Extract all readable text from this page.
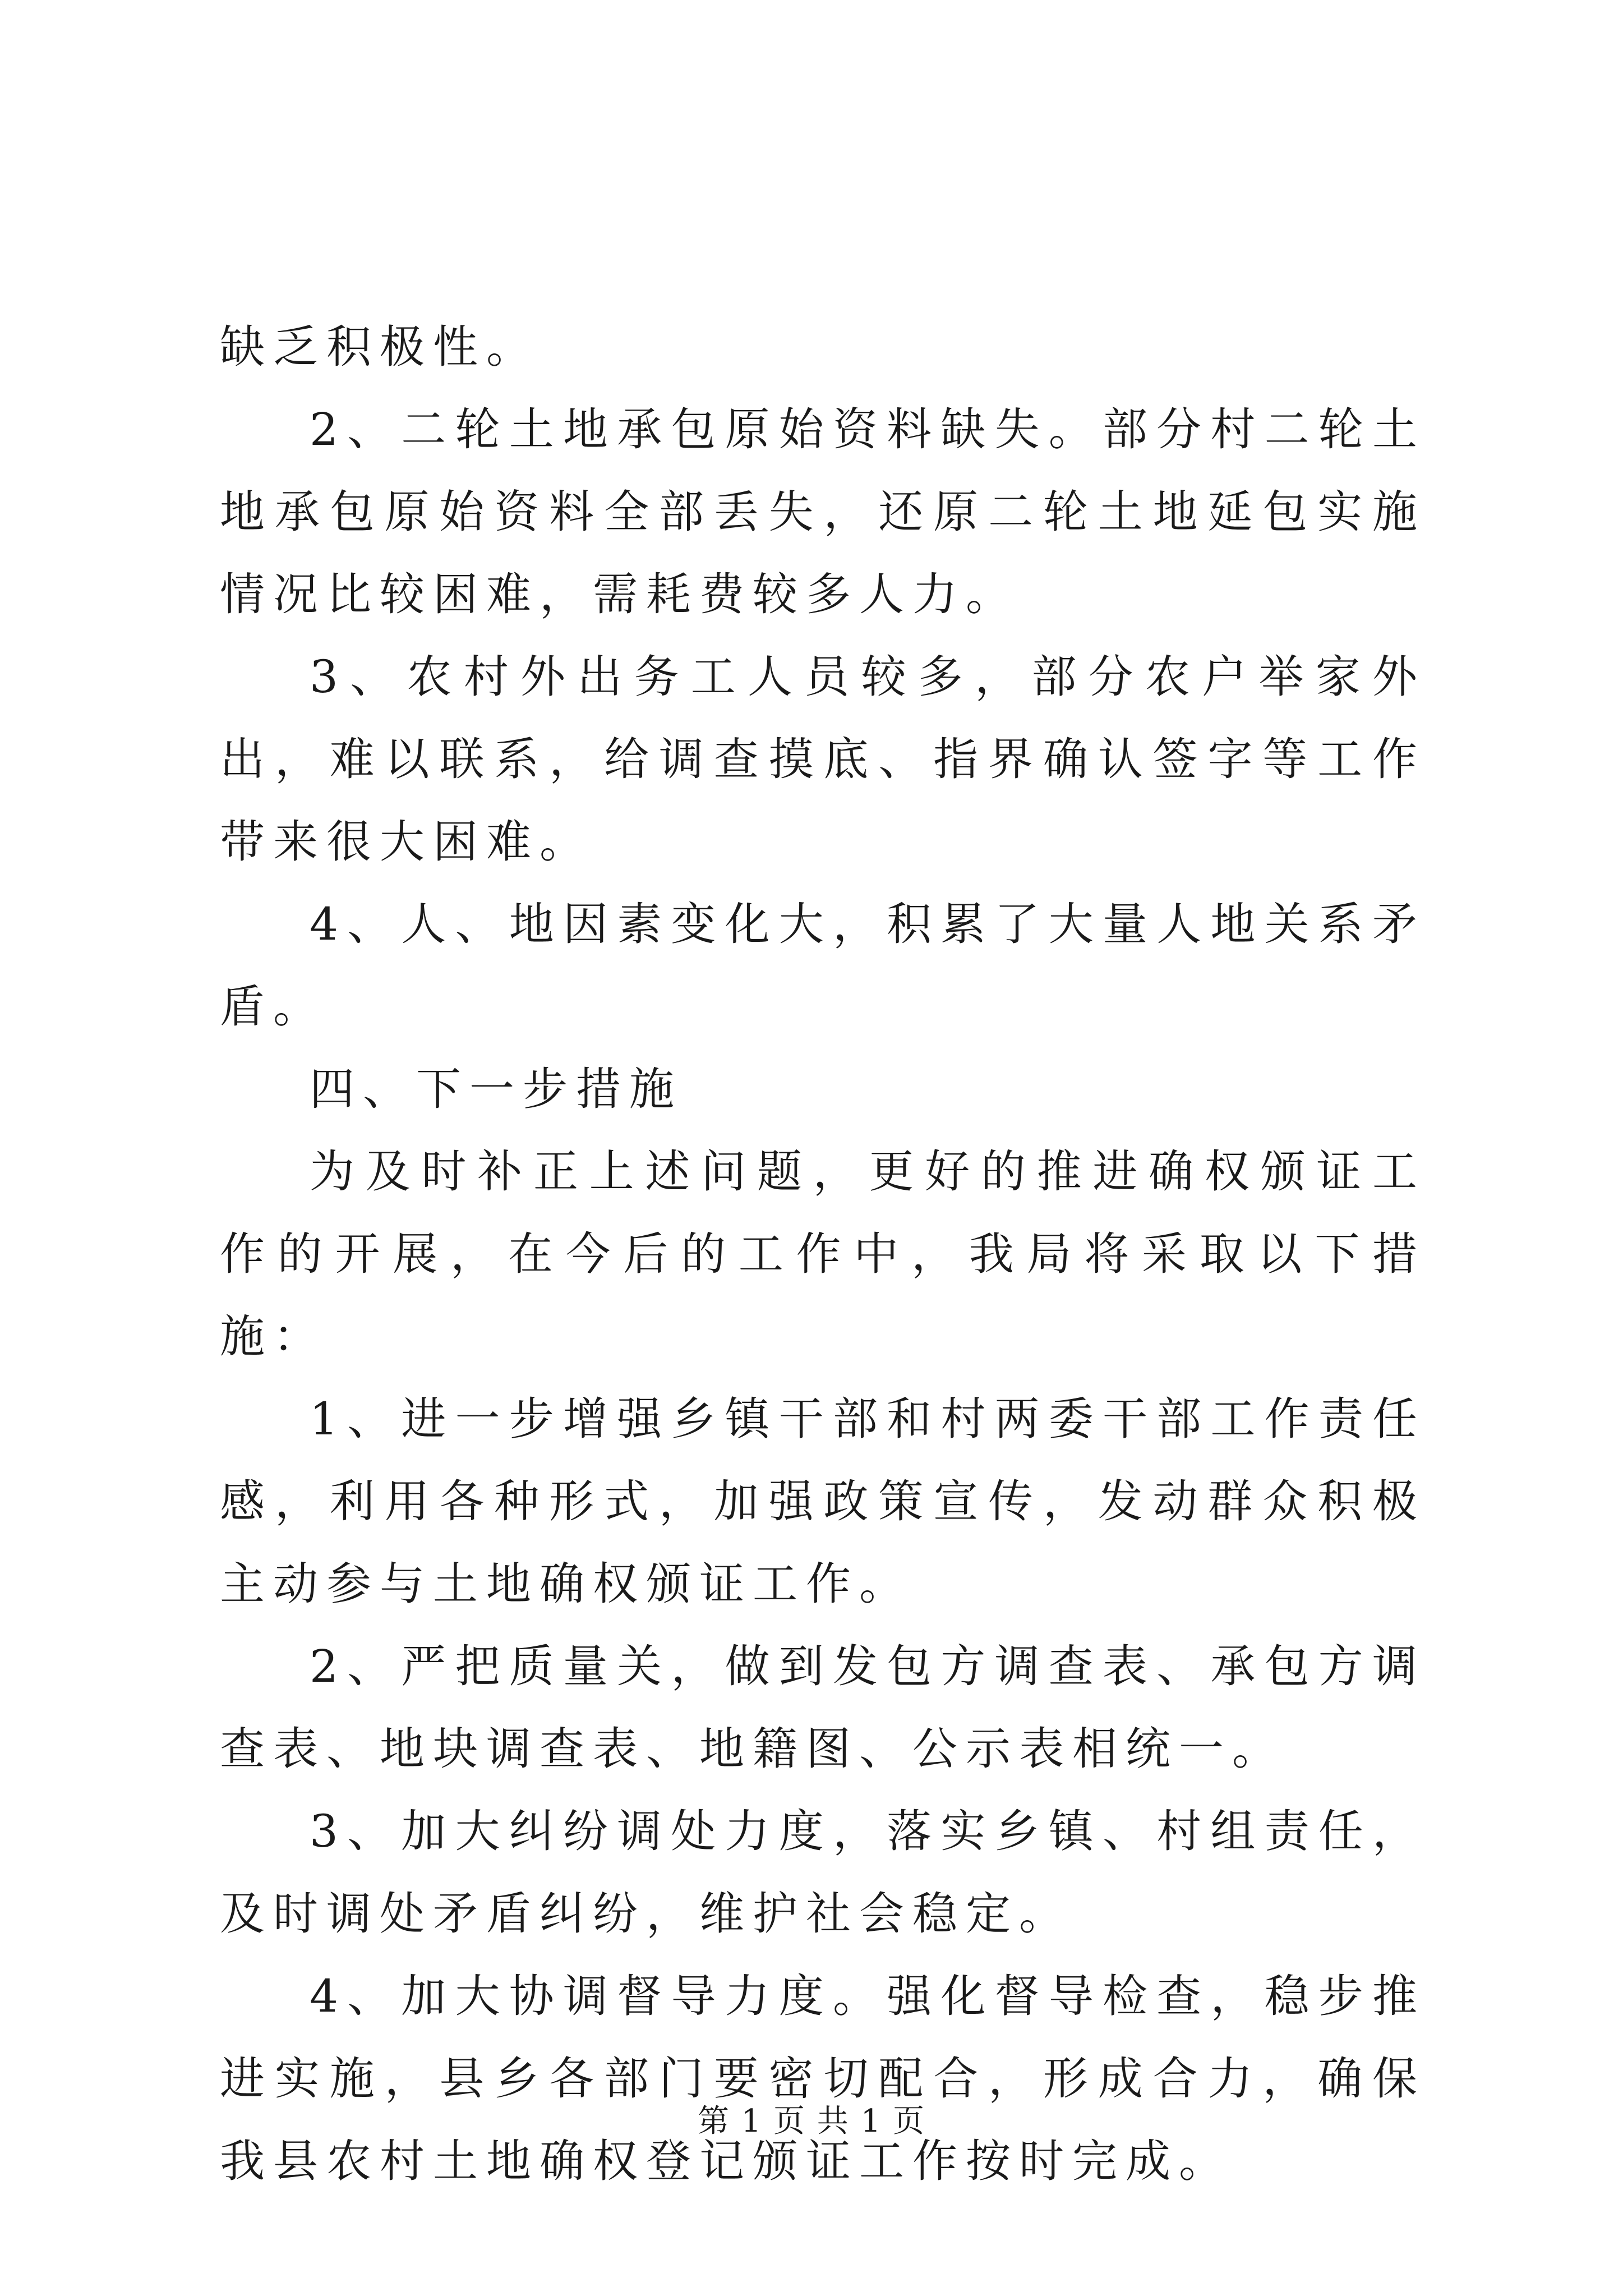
缺乏积极性。

2、二轮土地承包原始资料缺失。部分村二轮土地承包原始资料全部丢失，还原二轮土地延包实施情况比较困难，需耗费较多人力。

3、农村外出务工人员较多，部分农户举家外出，难以联系，给调查摸底、指界确认签字等工作带来很大困难。

4、人、地因素变化大，积累了大量人地关系矛盾。

四、下一步措施

为及时补正上述问题，更好的推进确权颁证工作的开展，在今后的工作中，我局将采取以下措施：

1、进一步增强乡镇干部和村两委干部工作责任感，利用各种形式，加强政策宣传，发动群众积极主动参与土地确权颁证工作。

2、严把质量关，做到发包方调查表、承包方调查表、地块调查表、地籍图、公示表相统一。

3、加大纠纷调处力度，落实乡镇、村组责任，及时调处矛盾纠纷，维护社会稳定。

4、加大协调督导力度。强化督导检查，稳步推进实施，县乡各部门要密切配合，形成合力，确保我县农村土地确权登记颁证工作按时完成。

第 1 页 共 1 页
